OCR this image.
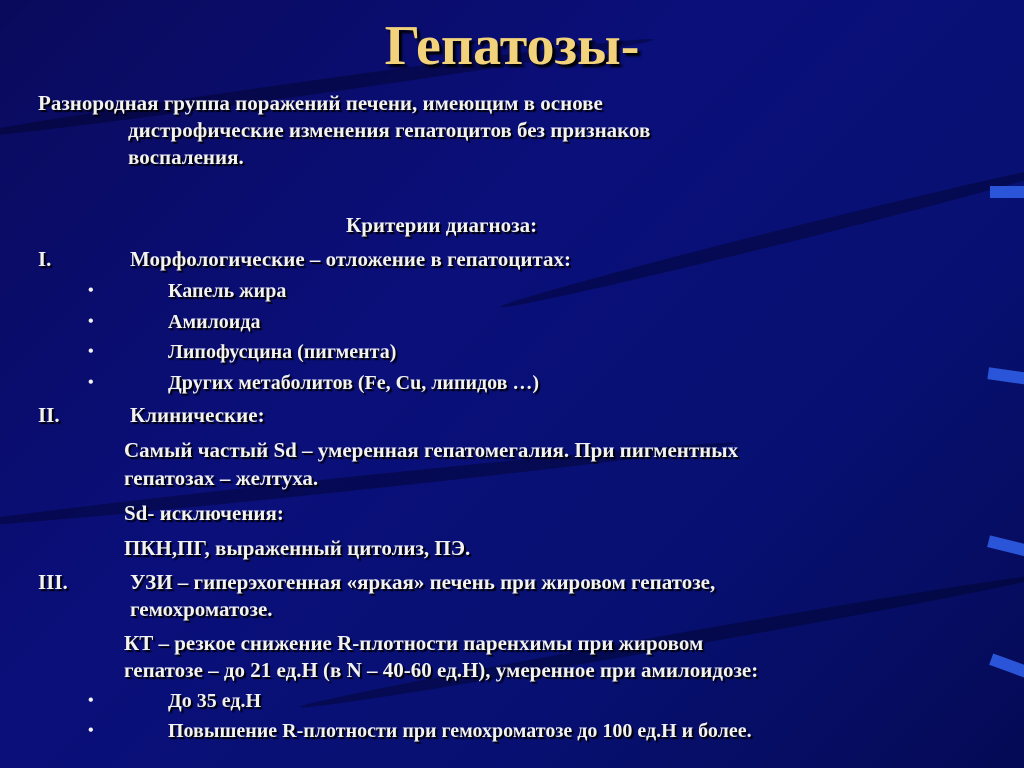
Гепатозы-
Разнородная группа поражений печени, имеющим в основе
дистрофические изменения гепатоцитов без признаков
воспаления.
Критерии диагноза:
I.	Морфологические – отложение в гепатоцитах:
•	Капель жира
•	Амилоида
•	Липофусцина (пигмента)
•	Других метаболитов (Fe, Cu, липидов …)
II.	Клинические:
Самый частый Sd – умеренная гепатомегалия. При пигментных
гепатозах – желтуха.
Sd- исключения:
ПКН,ПГ, выраженный цитолиз, ПЭ.
III.	УЗИ – гиперэхогенная «яркая» печень при жировом гепатозе,
гемохроматозе.
КТ – резкое снижение R-плотности паренхимы при жировом
гепатозе – до 21 ед.Н (в N – 40-60 ед.Н), умеренное при амилоидозе:
•	До 35 ед.Н
•	Повышение R-плотности при гемохроматозе до 100 ед.Н и более.
